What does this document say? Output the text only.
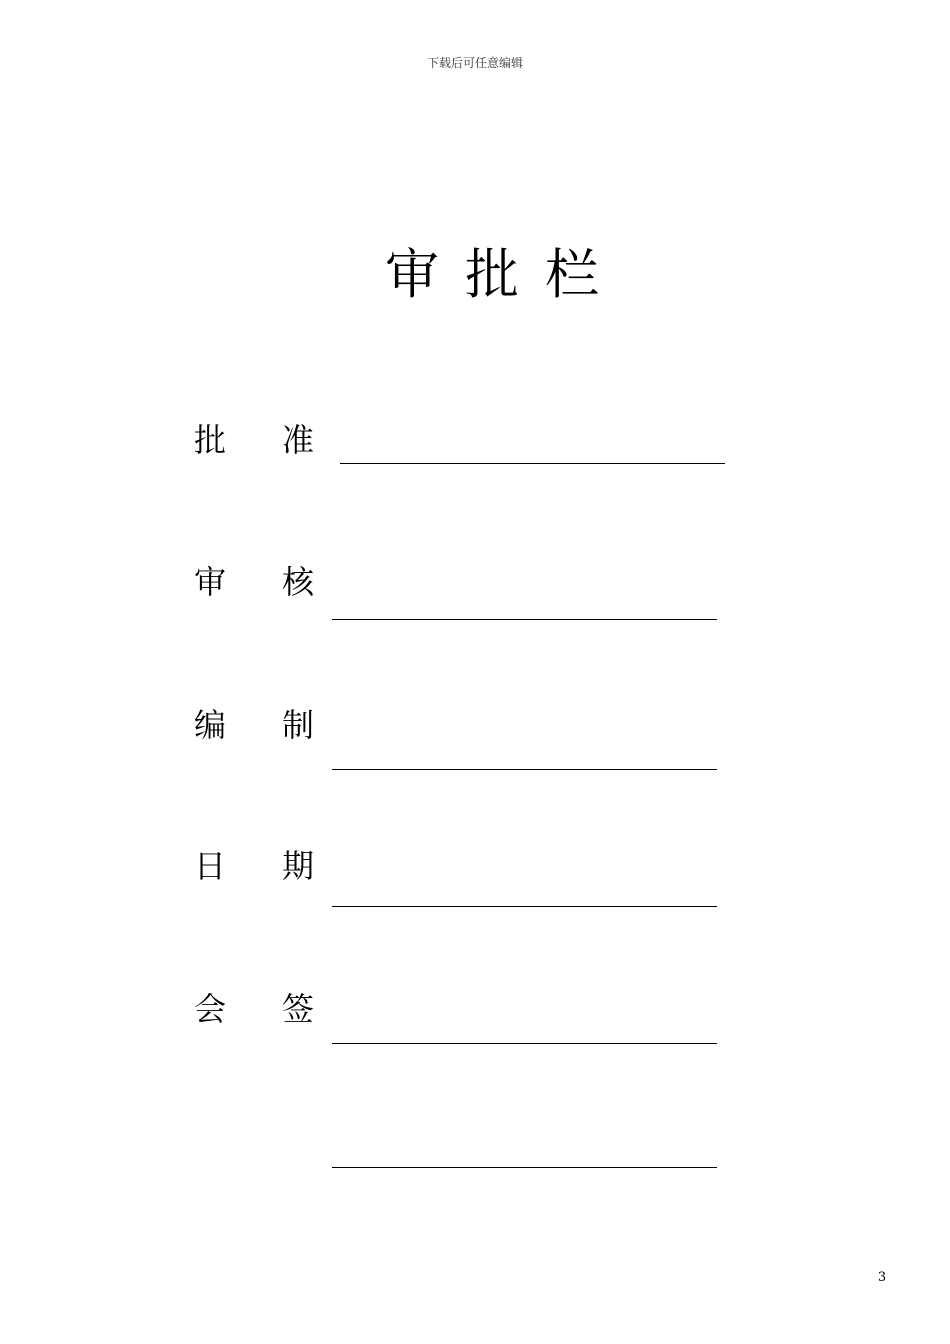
下载后可任意编辑
审批栏
批 准
审 核
编 制
日 期
会 签
3
